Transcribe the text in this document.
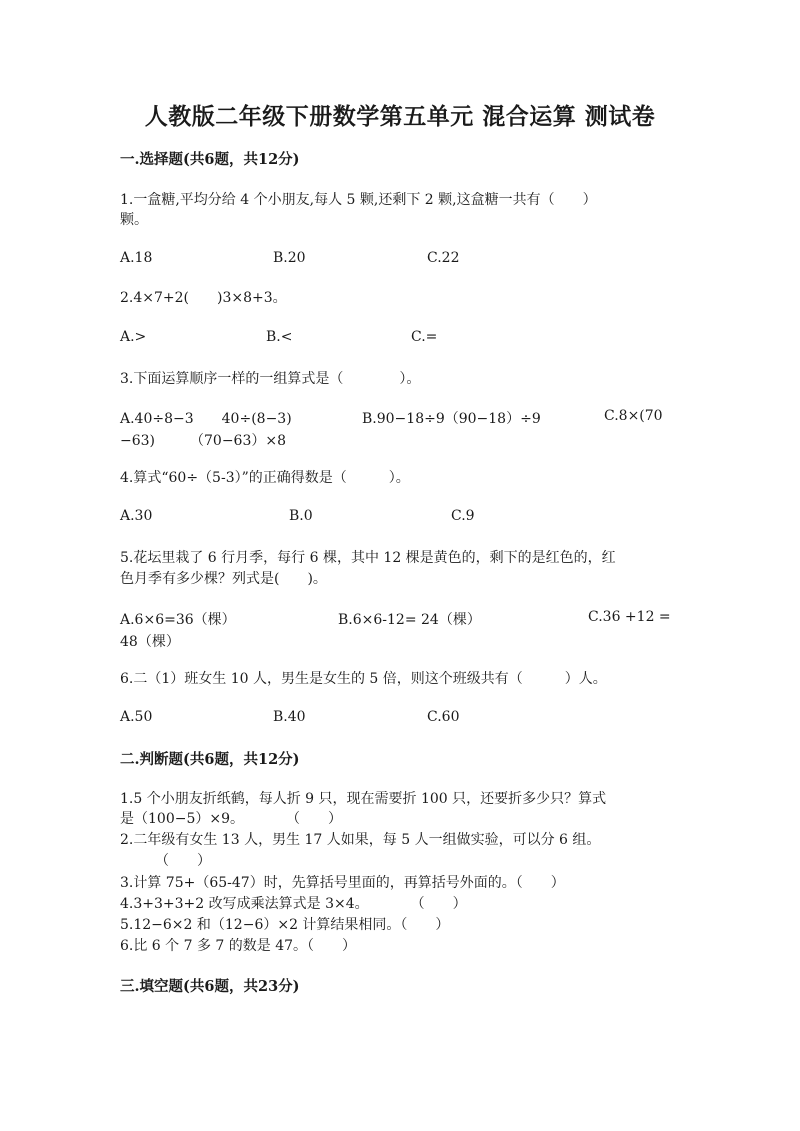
人教版二年级下册数学第五单元 混合运算 测试卷
一.选择题(共6题，共12分)
1.一盒糖,平均分给 4 个小朋友,每人 5 颗,还剩下 2 颗,这盒糖一共有（　　）
颗。
A.18	B.20	C.22
2.4×7+2(　　)3×8+3。
A.>	B.<	C.=
3.下面运算顺序一样的一组算式是（　　　　）。
A.40÷8−3　　40÷(8−3)	B.90−18÷9（90−18）÷9	C.8×(70
−63)　　　（70−63）×8
4.算式“60÷（5-3）”的正确得数是（　　　）。
A.30	B.0	C.9
5.花坛里栽了 6 行月季，每行 6 棵，其中 12 棵是黄色的，剩下的是红色的，红
色月季有多少棵？列式是(　　)。
A.6×6=36（棵）	B.6×6-12= 24（棵）	C.36 +12 =
48（棵）
6.二（1）班女生 10 人，男生是女生的 5 倍，则这个班级共有（　　　）人。
A.50	B.40	C.60
二.判断题(共6题，共12分)
1.5 个小朋友折纸鹤，每人折 9 只，现在需要折 100 只，还要折多少只？算式
是（100−5）×9。　　　　（　　）
2.二年级有女生 13 人，男生 17 人如果，每 5 人一组做实验，可以分 6 组。
　　　（　　）
3.计算 75+（65-47）时，先算括号里面的，再算括号外面的。（　　）
4.3+3+3+2 改写成乘法算式是 3×4。　　　　（　　）
5.12−6×2 和（12−6）×2 计算结果相同。（　　）
6.比 6 个 7 多 7 的数是 47。（　　）
三.填空题(共6题，共23分)
